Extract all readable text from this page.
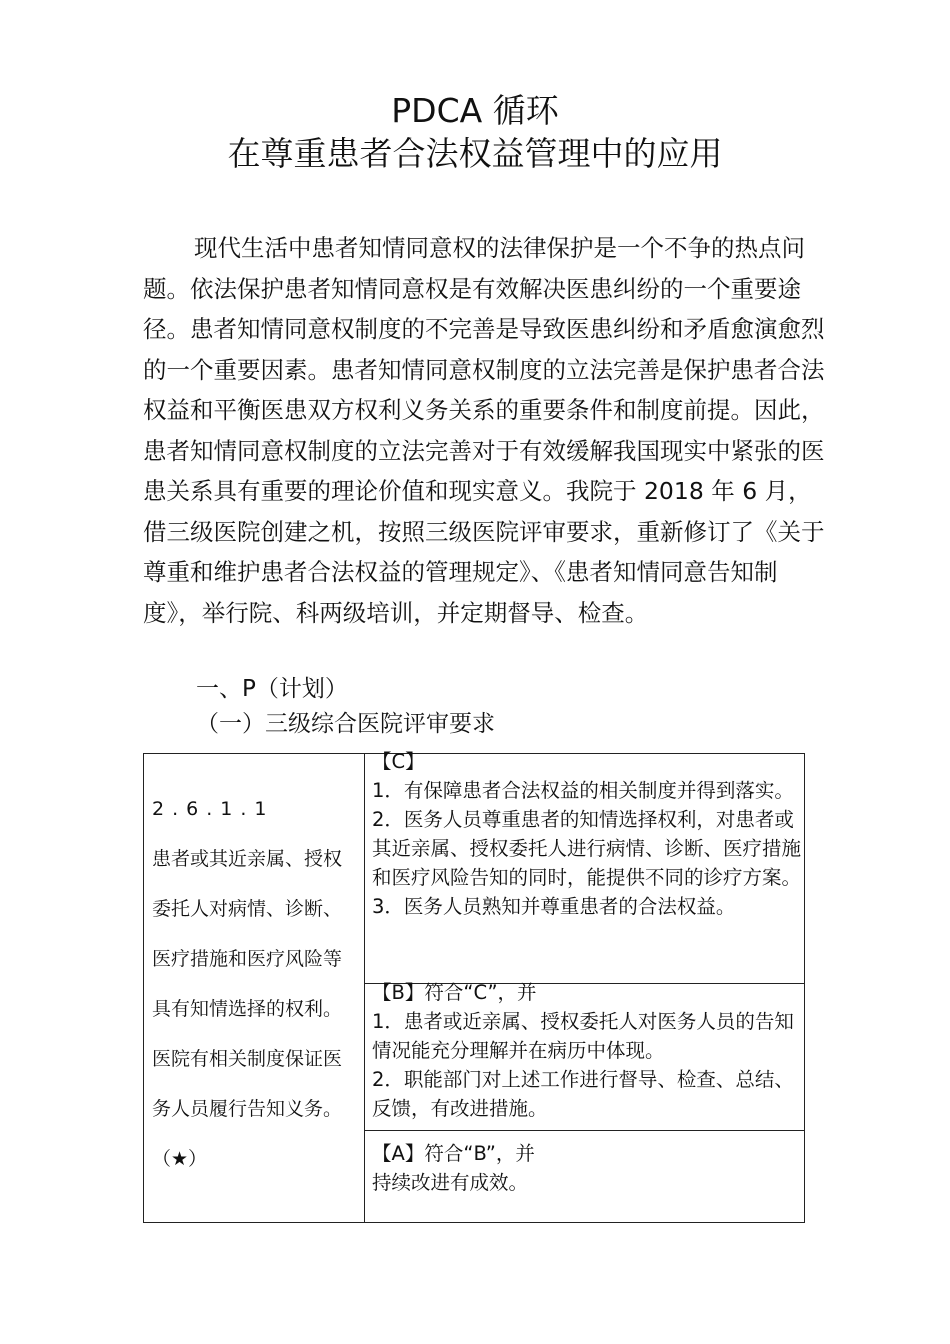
PDCA 循环
在尊重患者合法权益管理中的应用

现代生活中患者知情同意权的法律保护是一个不争的热点问题。依法保护患者知情同意权是有效解决医患纠纷的一个重要途径。患者知情同意权制度的不完善是导致医患纠纷和矛盾愈演愈烈的一个重要因素。患者知情同意权制度的立法完善是保护患者合法权益和平衡医患双方权利义务关系的重要条件和制度前提。因此，患者知情同意权制度的立法完善对于有效缓解我国现实中紧张的医患关系具有重要的理论价值和现实意义。我院于 2018 年 6 月，借三级医院创建之机，按照三级医院评审要求，重新修订了《关于尊重和维护患者合法权益的管理规定》、《患者知情同意告知制度》，举行院、科两级培训，并定期督导、检查。

一、P（计划）

（一）三级综合医院评审要求

2.6.1.1
患者或其近亲属、授权委托人对病情、诊断、医疗措施和医疗风险等具有知情选择的权利。医院有相关制度保证医务人员履行告知义务。（★）
【C】
1．有保障患者合法权益的相关制度并得到落实。
2．医务人员尊重患者的知情选择权利，对患者或其近亲属、授权委托人进行病情、诊断、医疗措施和医疗风险告知的同时，能提供不同的诊疗方案。
3．医务人员熟知并尊重患者的合法权益。
【B】符合“C”，并
1．患者或近亲属、授权委托人对医务人员的告知情况能充分理解并在病历中体现。
2．职能部门对上述工作进行督导、检查、总结、反馈，有改进措施。
【A】符合“B”，并
持续改进有成效。
